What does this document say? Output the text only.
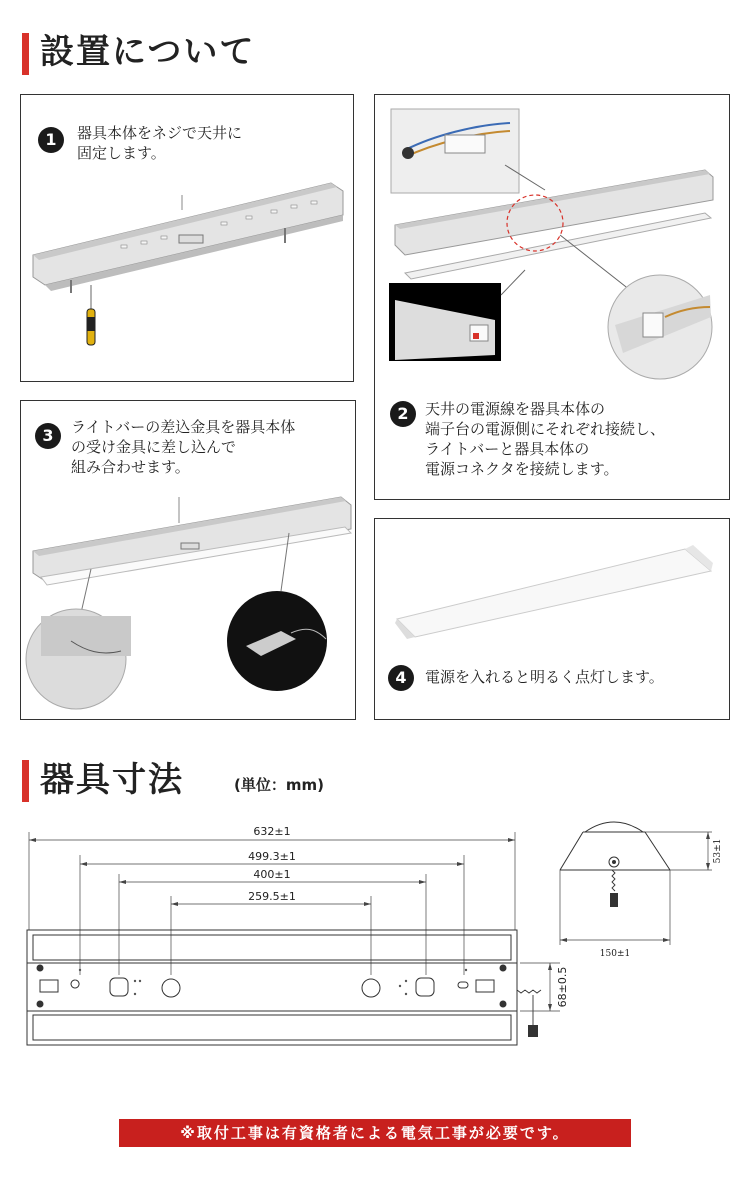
設置について
1	器具本体をネジで天井に
固定します。
2	天井の電源線を器具本体の
端子台の電源側にそれぞれ接続し、
ライトバーと器具本体の
電源コネクタを接続します。
3	ライトバーの差込金具を器具本体
の受け金具に差し込んで
組み合わせます。
4	電源を入れると明るく点灯します。
器具寸法	(単位：mm)
632±1
499.3±1
400±1
259.5±1
68±0.5
150±1
53±1
※取付工事は有資格者による電気工事が必要です。
